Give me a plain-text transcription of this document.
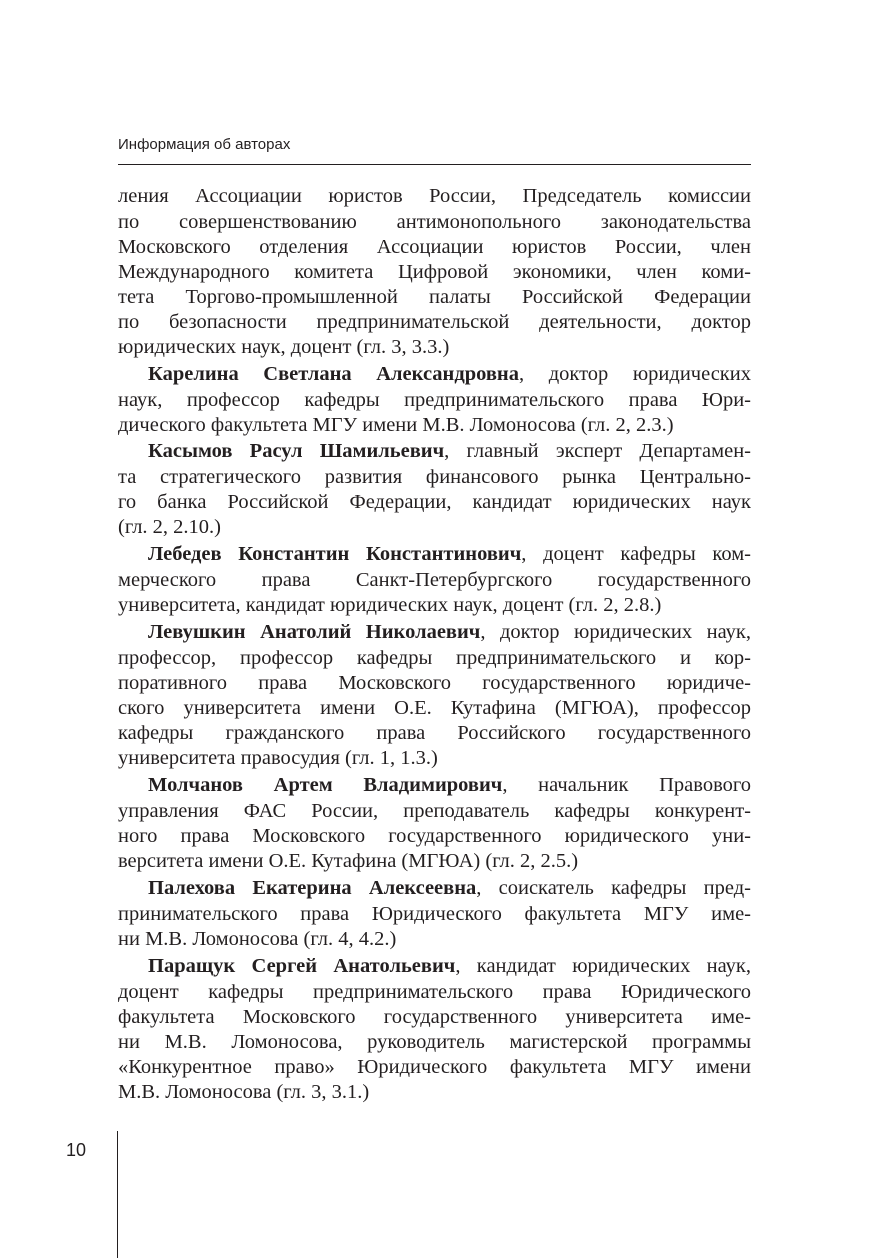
Информация об авторах
ления Ассоциации юристов России, Председатель комиссии
по совершенствованию антимонопольного законодательства
Московского отделения Ассоциации юристов России, член
Международного комитета Цифровой экономики, член коми-
тета Торгово-промышленной палаты Российской Федерации
по безопасности предпринимательской деятельности, доктор
юридических наук, доцент (гл. 3, 3.3.)
Карелина Светлана Александровна, доктор юридических
наук, профессор кафедры предпринимательского права Юри-
дического факультета МГУ имени М.В. Ломоносова (гл. 2, 2.3.)
Касымов Расул Шамильевич, главный эксперт Департамен-
та стратегического развития финансового рынка Центрально-
го банка Российской Федерации, кандидат юридических наук
(гл. 2, 2.10.)
Лебедев Константин Константинович, доцент кафедры ком-
мерческого права Санкт-Петербургского государственного
университета, кандидат юридических наук, доцент (гл. 2, 2.8.)
Левушкин Анатолий Николаевич, доктор юридических наук,
профессор, профессор кафедры предпринимательского и кор-
поративного права Московского государственного юридиче-
ского университета имени О.Е. Кутафина (МГЮА), профессор
кафедры гражданского права Российского государственного
университета правосудия (гл. 1, 1.3.)
Молчанов Артем Владимирович, начальник Правового
управления ФАС России, преподаватель кафедры конкурент-
ного права Московского государственного юридического уни-
верситета имени О.Е. Кутафина (МГЮА) (гл. 2, 2.5.)
Палехова Екатерина Алексеевна, соискатель кафедры пред-
принимательского права Юридического факультета МГУ име-
ни М.В. Ломоносова (гл. 4, 4.2.)
Паращук Сергей Анатольевич, кандидат юридических наук,
доцент кафедры предпринимательского права Юридического
факультета Московского государственного университета име-
ни М.В. Ломоносова, руководитель магистерской программы
«Конкурентное право» Юридического факультета МГУ имени
М.В. Ломоносова (гл. 3, 3.1.)
10
